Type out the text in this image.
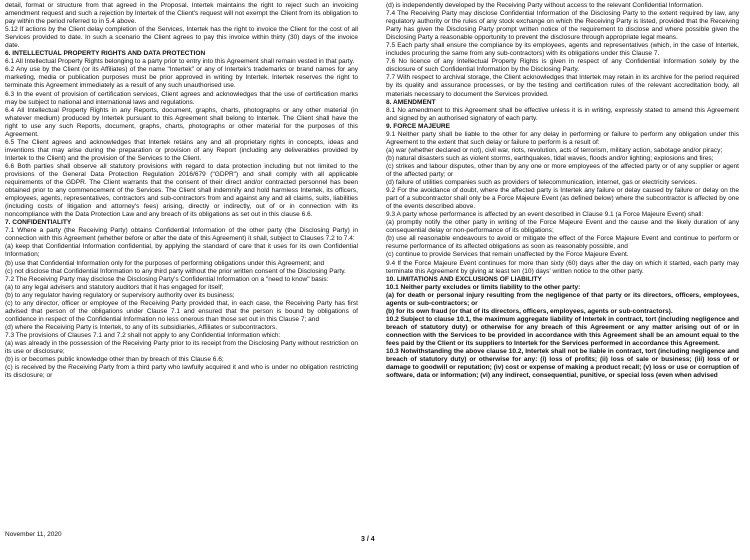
detail, format or structure from that agreed in the Proposal. Intertek maintains the right to reject such an invoicing amendment request and such a rejection by Intertek of the Client's request will not exempt the Client from its obligation to pay within the period referred to in 5.4 above.

5.12 If actions by the Client delay completion of the Services, Intertek has the right to invoice the Client for the cost of all Services provided to date. In such a scenario the Client agrees to pay this invoice within thirty (30) days of the invoice date.

6. INTELLECTUAL PROPERTY RIGHTS AND DATA PROTECTION

6.1 All Intellectual Property Rights belonging to a party prior to entry into this Agreement shall remain vested in that party.

6.2 Any use by the Client (or its Affiliates) of the name "Intertek" or any of Intertek's trademarks or brand names for any marketing, media or publication purposes must be prior approved in writing by Intertek. Intertek reserves the right to terminate this Agreement immediately as a result of any such unauthorised use.

6.3 In the event of provision of certification services, Client agrees and acknowledges that the use of certification marks may be subject to national and international laws and regulations.

6.4 All Intellectual Property Rights in any Reports, document, graphs, charts, photographs or any other material (in whatever medium) produced by Intertek pursuant to this Agreement shall belong to Intertek. The Client shall have the right to use any such Reports, document, graphs, charts, photographs or other material for the purposes of this Agreement.

6.5 The Client agrees and acknowledges that Intertek retains any and all proprietary rights in concepts, ideas and inventions that may arise during the preparation or provision of any Report (including any deliverables provided by Intertek to the Client) and the provision of the Services to the Client.

6.6 Both parties shall observe all statutory provisions with regard to data protection including but not limited to the provisions of the General Data Protection Regulation 2016/679 ("GDPR") and shall comply with all applicable requirements of the GDPR. The Client warrants that the consent of their direct and/or contracted personnel has been obtained prior to any commencement of the Services. The Client shall indemnify and hold harmless Intertek, its officers, employees, agents, representatives, contractors and sub-contractors from and against any and all claims, suits, liabilities (including costs of litigation and attorney's fees) arising, directly or indirectly, out of or in connection with its noncompliance with the Data Protection Law and any breach of its obligations as set out in this clause 6.6.

7. CONFIDENTIALITY

7.1 Where a party (the Receiving Party) obtains Confidential Information of the other party (the Disclosing Party) in connection with this Agreement (whether before or after the date of this Agreement) it shall, subject to Clauses 7.2 to 7.4:

(a) keep that Confidential Information confidential, by applying the standard of care that it uses for its own Confidential Information;

(b) use that Confidential Information only for the purposes of performing obligations under this Agreement; and

(c) not disclose that Confidential Information to any third party without the prior written consent of the Disclosing Party.

7.2 The Receiving Party may disclose the Disclosing Party's Confidential Information on a "need to know" basis:

(a) to any legal advisers and statutory auditors that it has engaged for itself;

(b) to any regulator having regulatory or supervisory authority over its business;

(c) to any director, officer or employee of the Receiving Party provided that, in each case, the Receiving Party has first advised that person of the obligations under Clause 7.1 and ensured that the person is bound by obligations of confidence in respect of the Confidential Information no less onerous than those set out in this Clause 7; and

(d) where the Receiving Party is Intertek, to any of its subsidiaries, Affiliates or subcontractors.

7.3 The provisions of Clauses 7.1 and 7.2 shall not apply to any Confidential Information which:

(a) was already in the possession of the Receiving Party prior to its receipt from the Disclosing Party without restriction on its use or disclosure;

(b) is or becomes public knowledge other than by breach of this Clause 6.6;

(c) is received by the Receiving Party from a third party who lawfully acquired it and who is under no obligation restricting its disclosure; or

(d) is independently developed by the Receiving Party without access to the relevant Confidential Information.

7.4 The Receiving Party may disclose Confidential Information of the Disclosing Party to the extent required by law, any regulatory authority or the rules of any stock exchange on which the Receiving Party is listed, provided that the Receiving Party has given the Disclosing Party prompt written notice of the requirement to disclose and where possible given the Disclosing Party a reasonable opportunity to prevent the disclosure through appropriate legal means.

7.5 Each party shall ensure the compliance by its employees, agents and representatives (which, in the case of Intertek, includes procuring the same from any sub-contractors) with its obligations under this Clause 7.

7.6 No licence of any Intellectual Property Rights is given in respect of any Confidential Information solely by the disclosure of such Confidential Information by the Disclosing Party.

7.7 With respect to archival storage, the Client acknowledges that Intertek may retain in its archive for the period required by its quality and assurance processes, or by the testing and certification rules of the relevant accreditation body, all materials necessary to document the Services provided.

8. AMENDMENT

8.1 No amendment to this Agreement shall be effective unless it is in writing, expressly stated to amend this Agreement and signed by an authorised signatory of each party.

9. FORCE MAJEURE

9.1 Neither party shall be liable to the other for any delay in performing or failure to perform any obligation under this Agreement to the extent that such delay or failure to perform is a result of:

(a) war (whether declared or not), civil war, riots, revolution, acts of terrorism, military action, sabotage and/or piracy;

(b) natural disasters such as violent storms, earthquakes, tidal waves, floods and/or lighting; explosions and fires;

(c) strikes and labour disputes, other than by any one or more employees of the affected party or of any supplier or agent of the affected party; or

(d) failure of utilities companies such as providers of telecommunication, internet, gas or electricity services.

9.2 For the avoidance of doubt, where the affected party is Intertek any failure or delay caused by failure or delay on the part of a subcontractor shall only be a Force Majeure Event (as defined below) where the subcontractor is affected by one of the events described above.

9.3 A party whose performance is affected by an event described in Clause 9.1 (a Force Majeure Event) shall:

(a) promptly notify the other party in writing of the Force Majeure Event and the cause and the likely duration of any consequential delay or non-performance of its obligations;

(b) use all reasonable endeavours to avoid or mitigate the effect of the Force Majeure Event and continue to perform or resume performance of its affected obligations as soon as reasonably possible, and

(c) continue to provide Services that remain unaffected by the Force Majeure Event.

9.4 If the Force Majeure Event continues for more than sixty (60) days after the day on which it started, each party may terminate this Agreement by giving at least ten (10) days' written notice to the other party.

10. LIMITATIONS AND EXCLUSIONS OF LIABILITY

10.1 Neither party excludes or limits liability to the other party:

(a) for death or personal injury resulting from the negligence of that party or its directors, officers, employees, agents or sub-contractors; or

(b) for its own fraud (or that of its directors, officers, employees, agents or sub-contractors).

10.2 Subject to clause 10.1, the maximum aggregate liability of Intertek in contract, tort (including negligence and breach of statutory duty) or otherwise for any breach of this Agreement or any matter arising out of or in connection with the Services to be provided in accordance with this Agreement shall be an amount equal to the fees paid by the Client or its suppliers to Intertek for the Services performed in accordance this Agreement.

10.3 Notwithstanding the above clause 10.2, Intertek shall not be liable in contract, tort (including negligence and breach of statutory duty) or otherwise for any: (i) loss of profits; (ii) loss of sale or business; (iii) loss of or damage to goodwill or reputation; (iv) cost or expense of making a product recall; (v) loss or use or corruption of software, data or information; (vi) any indirect, consequential, punitive, or special loss (even when advised

November 11, 2020
3 / 4
